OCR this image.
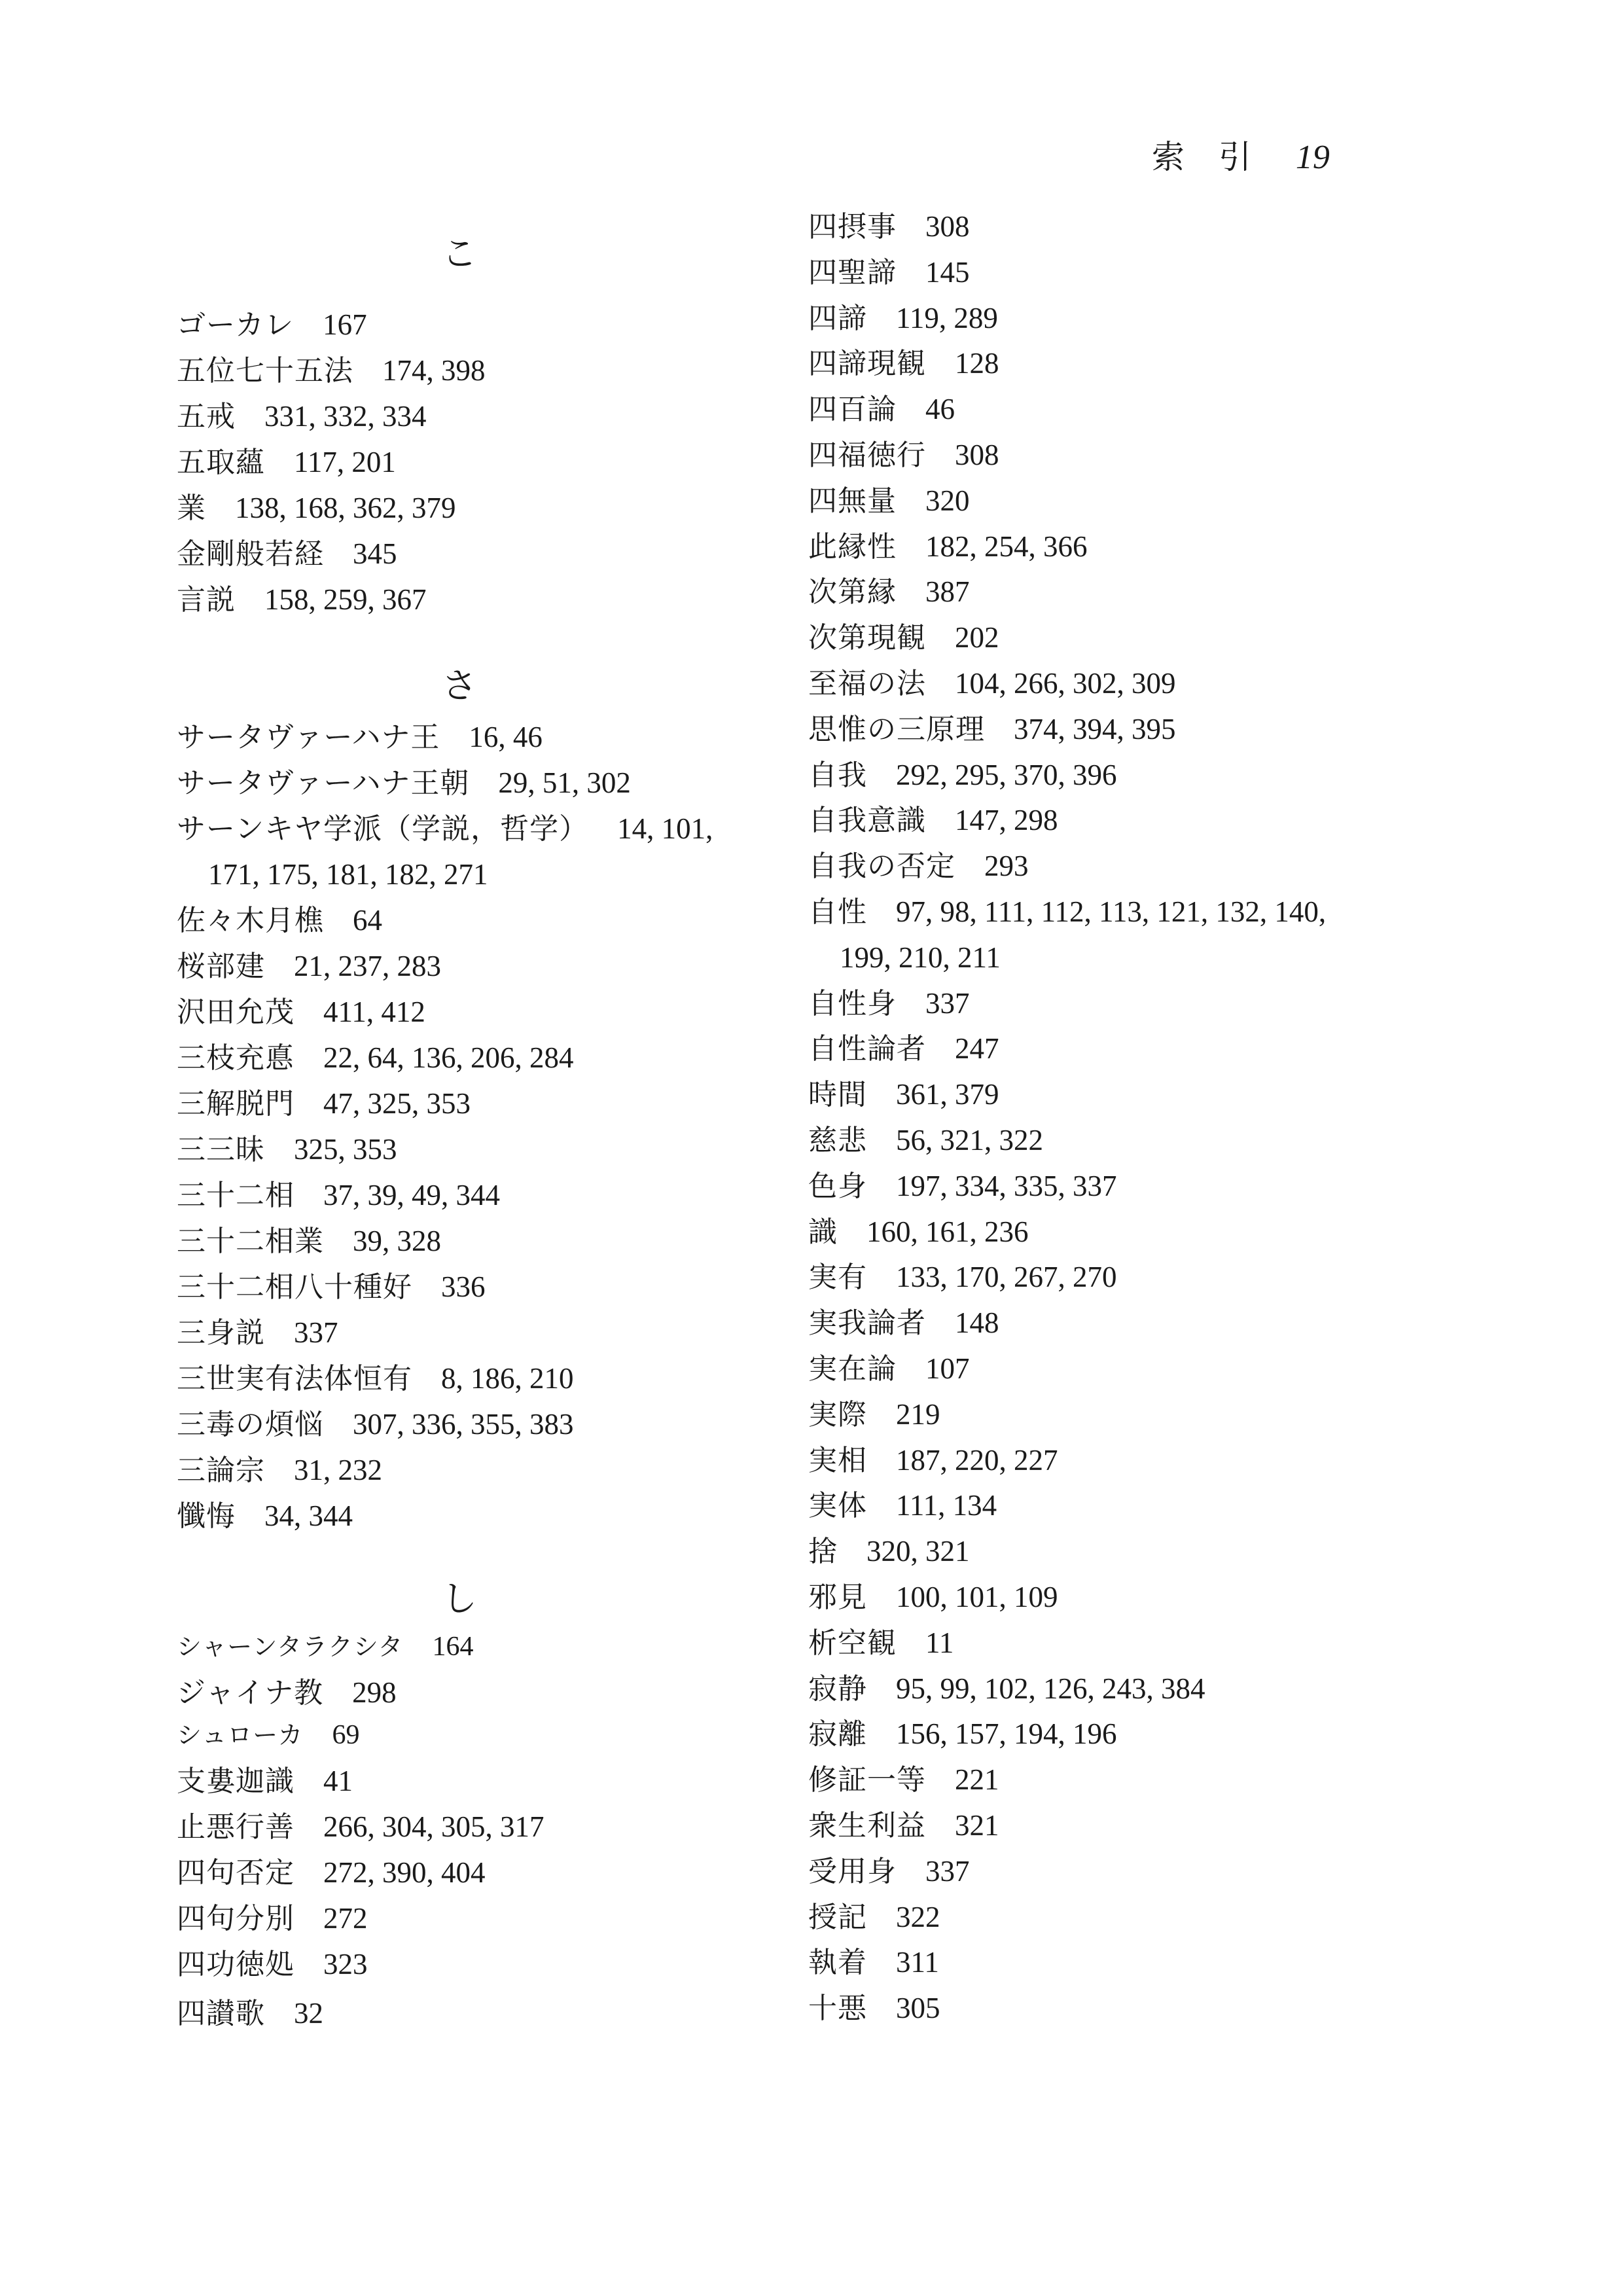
索引 19
こ
ゴーカレ 167
五位七十五法 174, 398
五戒 331, 332, 334
五取蘊 117, 201
業 138, 168, 362, 379
金剛般若経 345
言説 158, 259, 367
さ
サータヴァーハナ王 16, 46
サータヴァーハナ王朝 29, 51, 302
サーンキヤ学派（学説，哲学） 14, 101,
171, 175, 181, 182, 271
佐々木月樵 64
桜部建 21, 237, 283
沢田允茂 411, 412
三枝充悳 22, 64, 136, 206, 284
三解脱門 47, 325, 353
三三昧 325, 353
三十二相 37, 39, 49, 344
三十二相業 39, 328
三十二相八十種好 336
三身説 337
三世実有法体恒有 8, 186, 210
三毒の煩悩 307, 336, 355, 383
三論宗 31, 232
懺悔 34, 344
し
シャーンタラクシタ 164
ジャイナ教 298
シュローカ 69
支婁迦識 41
止悪行善 266, 304, 305, 317
四句否定 272, 390, 404
四句分別 272
四功徳処 323
四讃歌 32
四摂事 308
四聖諦 145
四諦 119, 289
四諦現観 128
四百論 46
四福徳行 308
四無量 320
此縁性 182, 254, 366
次第縁 387
次第現観 202
至福の法 104, 266, 302, 309
思惟の三原理 374, 394, 395
自我 292, 295, 370, 396
自我意識 147, 298
自我の否定 293
自性 97, 98, 111, 112, 113, 121, 132, 140,
199, 210, 211
自性身 337
自性論者 247
時間 361, 379
慈悲 56, 321, 322
色身 197, 334, 335, 337
識 160, 161, 236
実有 133, 170, 267, 270
実我論者 148
実在論 107
実際 219
実相 187, 220, 227
実体 111, 134
捨 320, 321
邪見 100, 101, 109
析空観 11
寂静 95, 99, 102, 126, 243, 384
寂離 156, 157, 194, 196
修証一等 221
衆生利益 321
受用身 337
授記 322
執着 311
十悪 305
